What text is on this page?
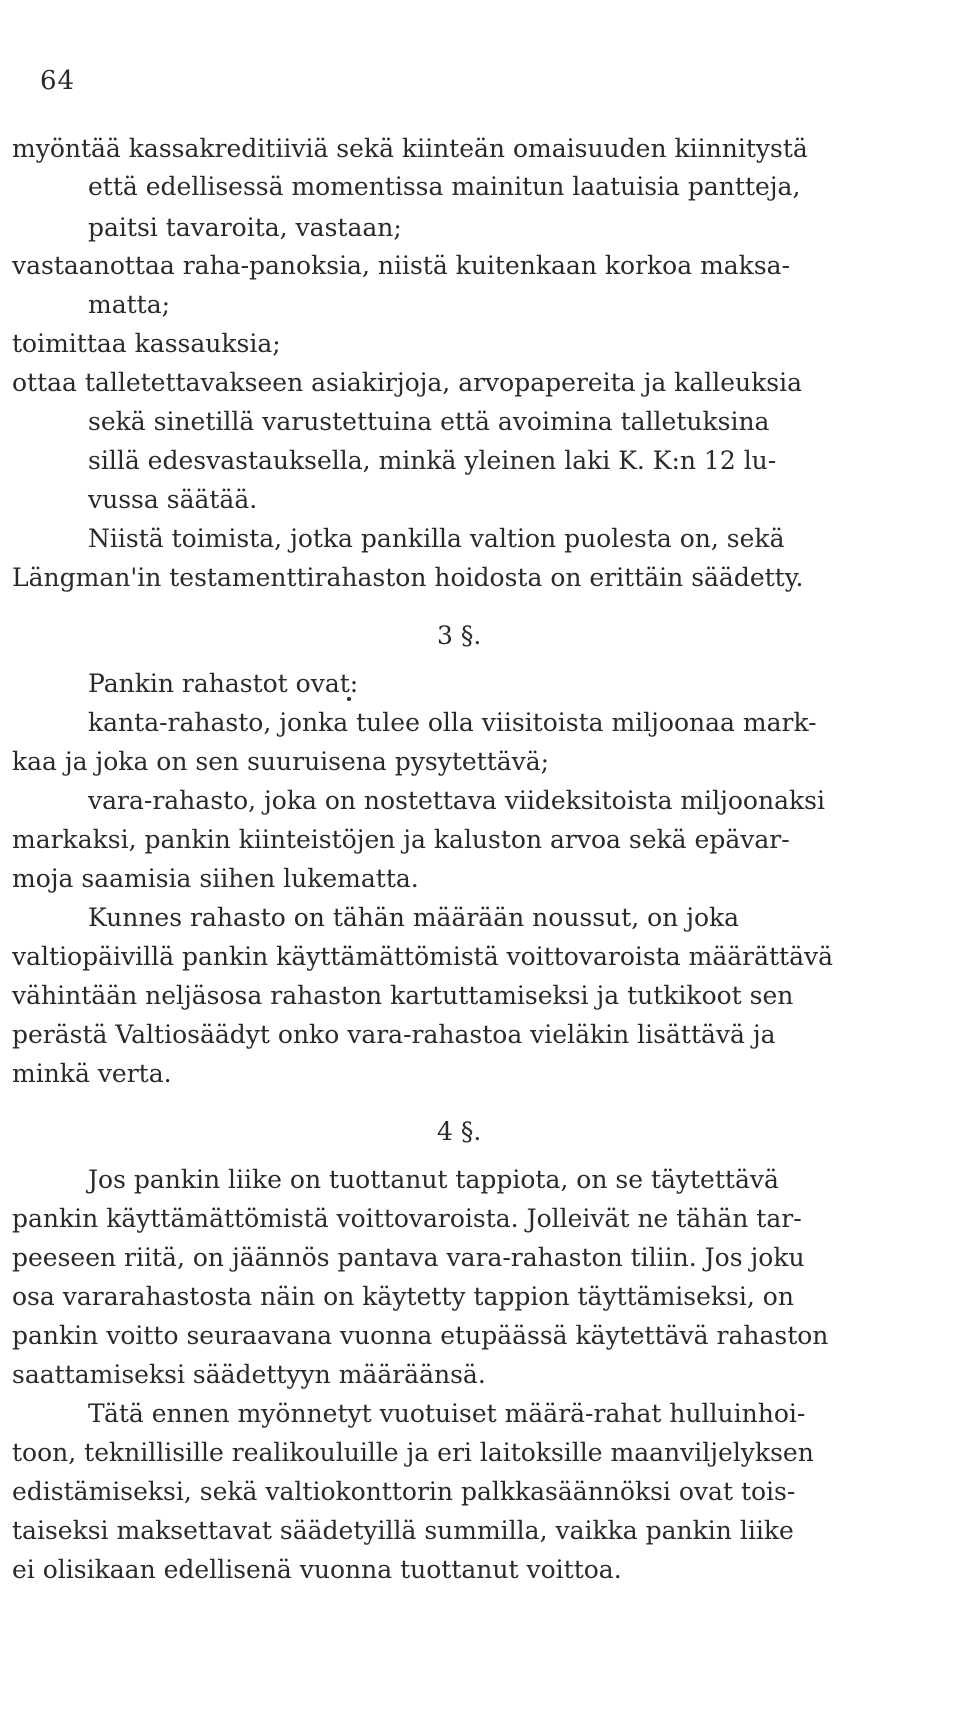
64
myöntää kassakreditiiviä sekä kiinteän omaisuuden kiinnitystä
että edellisessä momentissa mainitun laatuisia pantteja,
paitsi tavaroita, vastaan;
vastaanottaa raha-panoksia, niistä kuitenkaan korkoa maksa-
matta;
toimittaa kassauksia;
ottaa talletettavakseen asiakirjoja, arvopapereita ja kalleuksia
sekä sinetillä varustettuina että avoimina talletuksina
sillä edesvastauksella, minkä yleinen laki K. K:n 12 lu-
vussa säätää.
Niistä toimista, jotka pankilla valtion puolesta on, sekä
Längman'in testamenttirahaston hoidosta on erittäin säädetty.
3 §.
Pankin rahastot ovat:
kanta-rahasto, jonka tulee olla viisitoista miljoonaa mark-
kaa ja joka on sen suuruisena pysytettävä;
vara-rahasto, joka on nostettava viideksitoista miljoonaksi
markaksi, pankin kiinteistöjen ja kaluston arvoa sekä epävar-
moja saamisia siihen lukematta.
Kunnes rahasto on tähän määrään noussut, on joka
valtiopäivillä pankin käyttämättömistä voittovaroista määrättävä
vähintään neljäsosa rahaston kartuttamiseksi ja tutkikoot sen
perästä Valtiosäädyt onko vara-rahastoa vieläkin lisättävä ja
minkä verta.
4 §.
Jos pankin liike on tuottanut tappiota, on se täytettävä
pankin käyttämättömistä voittovaroista. Jolleivät ne tähän tar-
peeseen riitä, on jäännös pantava vara-rahaston tiliin. Jos joku
osa vararahastosta näin on käytetty tappion täyttämiseksi, on
pankin voitto seuraavana vuonna etupäässä käytettävä rahaston
saattamiseksi säädettyyn määräänsä.
Tätä ennen myönnetyt vuotuiset määrä-rahat hulluinhoi-
toon, teknillisille realikouluille ja eri laitoksille maanviljelyksen
edistämiseksi, sekä valtiokonttorin palkkasäännöksi ovat tois-
taiseksi maksettavat säädetyillä summilla, vaikka pankin liike
ei olisikaan edellisenä vuonna tuottanut voittoa.
